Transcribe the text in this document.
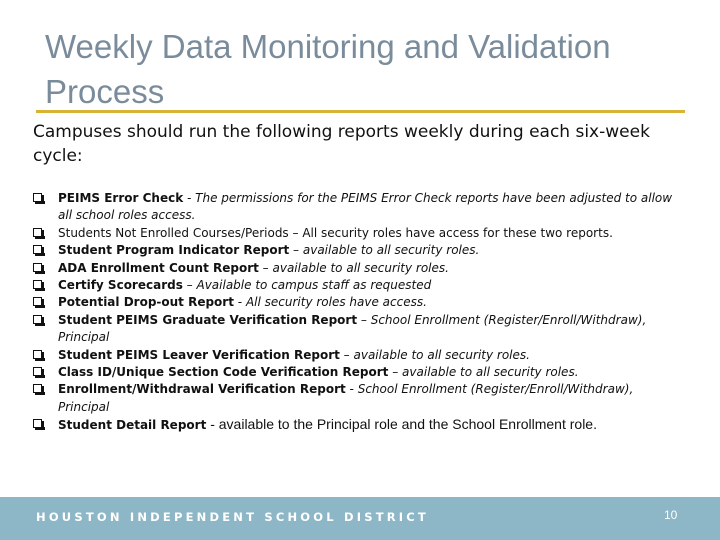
Weekly Data Monitoring and Validation Process
Campuses should run the following reports weekly during each six-week cycle:
PEIMS Error Check - The permissions for the PEIMS Error Check reports have been adjusted to allow all school roles access.
Students Not Enrolled Courses/Periods – All security roles have access for these two reports.
Student Program Indicator Report – available to all security roles.
ADA Enrollment Count Report – available to all security roles.
Certify Scorecards – Available to campus staff as requested
Potential Drop-out Report - All security roles have access.
Student PEIMS Graduate Verification Report – School Enrollment (Register/Enroll/Withdraw), Principal
Student PEIMS Leaver Verification Report – available to all security roles.
Class ID/Unique Section Code Verification Report – available to all security roles.
Enrollment/Withdrawal Verification Report - School Enrollment (Register/Enroll/Withdraw), Principal
Student Detail Report - available to the Principal role and the School Enrollment role.
HOUSTON INDEPENDENT SCHOOL DISTRICT	10
